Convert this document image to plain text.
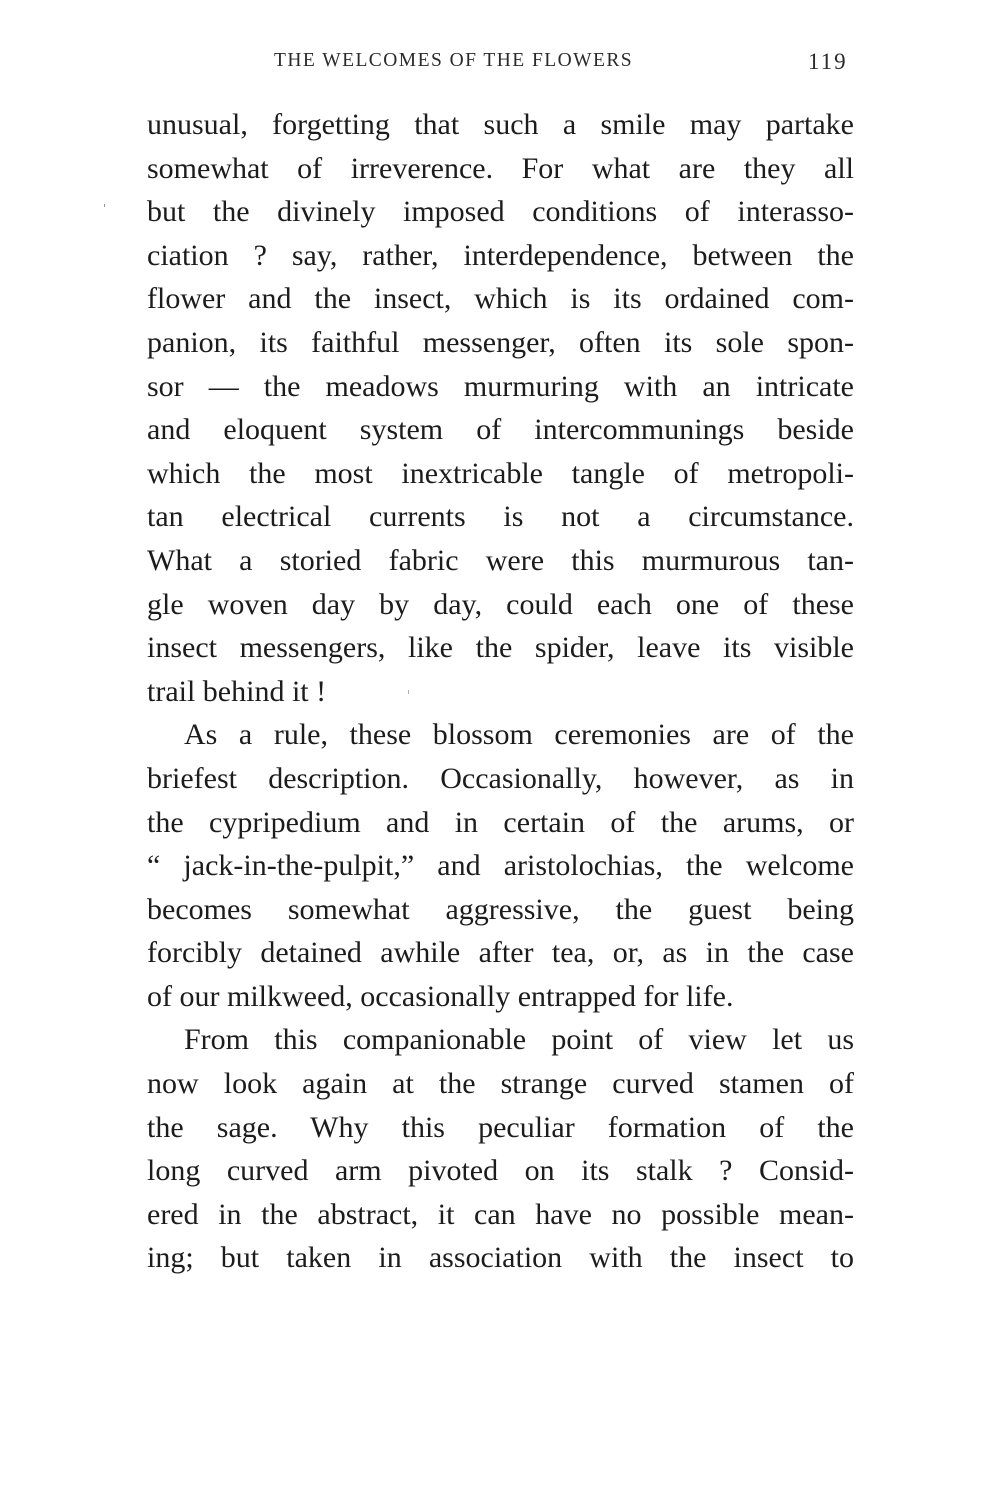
THE WELCOMES OF THE FLOWERS	119
unusual, forgetting that such a smile may partake
somewhat of irreverence. For what are they all
but the divinely imposed conditions of interasso-
ciation ? say, rather, interdependence, between the
flower and the insect, which is its ordained com-
panion, its faithful messenger, often its sole spon-
sor — the meadows murmuring with an intricate
and eloquent system of intercommunings beside
which the most inextricable tangle of metropoli-
tan electrical currents is not a circumstance.
What a storied fabric were this murmurous tan-
gle woven day by day, could each one of these
insect messengers, like the spider, leave its visible
trail behind it !
As a rule, these blossom ceremonies are of the
briefest description. Occasionally, however, as in
the cypripedium and in certain of the arums, or
“ jack-in-the-pulpit,” and aristolochias, the welcome
becomes somewhat aggressive, the guest being
forcibly detained awhile after tea, or, as in the case
of our milkweed, occasionally entrapped for life.
From this companionable point of view let us
now look again at the strange curved stamen of
the sage. Why this peculiar formation of the
long curved arm pivoted on its stalk ? Consid-
ered in the abstract, it can have no possible mean-
ing; but taken in association with the insect to
